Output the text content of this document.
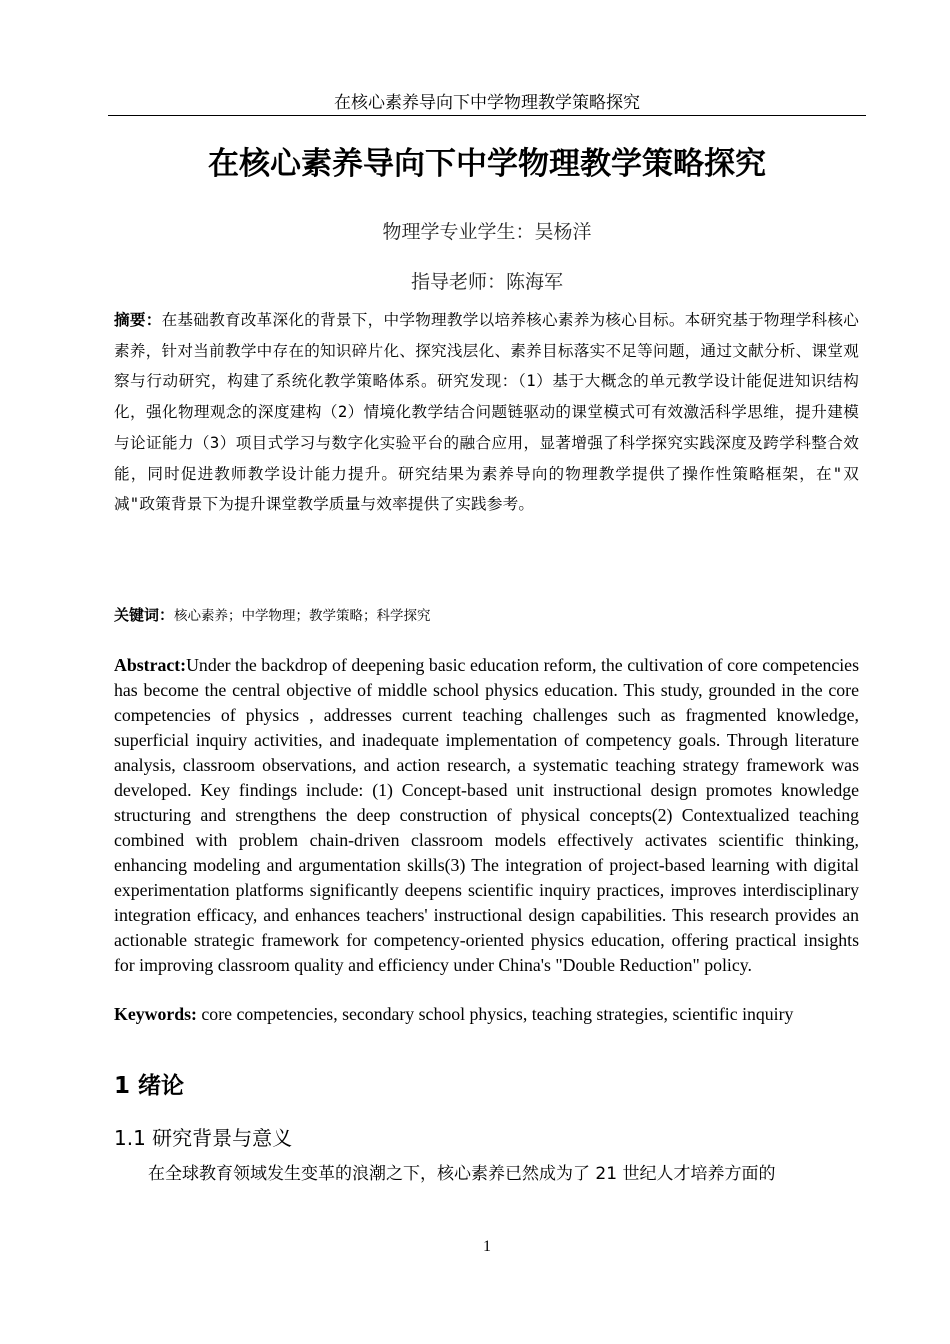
在核心素养导向下中学物理教学策略探究
在核心素养导向下中学物理教学策略探究
物理学专业学生：吴杨洋
指导老师：陈海军
摘要：在基础教育改革深化的背景下，中学物理教学以培养核心素养为核心目标。本研究基于物理学科核心素养，针对当前教学中存在的知识碎片化、探究浅层化、素养目标落实不足等问题，通过文献分析、课堂观察与行动研究，构建了系统化教学策略体系。研究发现：（1）基于大概念的单元教学设计能促进知识结构化，强化物理观念的深度建构（2）情境化教学结合问题链驱动的课堂模式可有效激活科学思维，提升建模与论证能力（3）项目式学习与数字化实验平台的融合应用，显著增强了科学探究实践深度及跨学科整合效能，同时促进教师教学设计能力提升。研究结果为素养导向的物理教学提供了操作性策略框架，在"双减"政策背景下为提升课堂教学质量与效率提供了实践参考。
关键词：核心素养；中学物理；教学策略；科学探究
Abstract:Under the backdrop of deepening basic education reform, the cultivation of core competencies has become the central objective of middle school physics education. This study, grounded in the core competencies of physics , addresses current teaching challenges such as fragmented knowledge, superficial inquiry activities, and inadequate implementation of competency goals. Through literature analysis, classroom observations, and action research, a systematic teaching strategy framework was developed. Key findings include: (1) Concept-based unit instructional design promotes knowledge structuring and strengthens the deep construction of physical concepts(2) Contextualized teaching combined with problem chain-driven classroom models effectively activates scientific thinking, enhancing modeling and argumentation skills(3) The integration of project-based learning with digital experimentation platforms significantly deepens scientific inquiry practices, improves interdisciplinary integration efficacy, and enhances teachers' instructional design capabilities. This research provides an actionable strategic framework for competency-oriented physics education, offering practical insights for improving classroom quality and efficiency under China's "Double Reduction" policy.
Keywords: core competencies, secondary school physics, teaching strategies, scientific inquiry
1 绪论
1.1 研究背景与意义
在全球教育领域发生变革的浪潮之下，核心素养已然成为了 21 世纪人才培养方面的
1
